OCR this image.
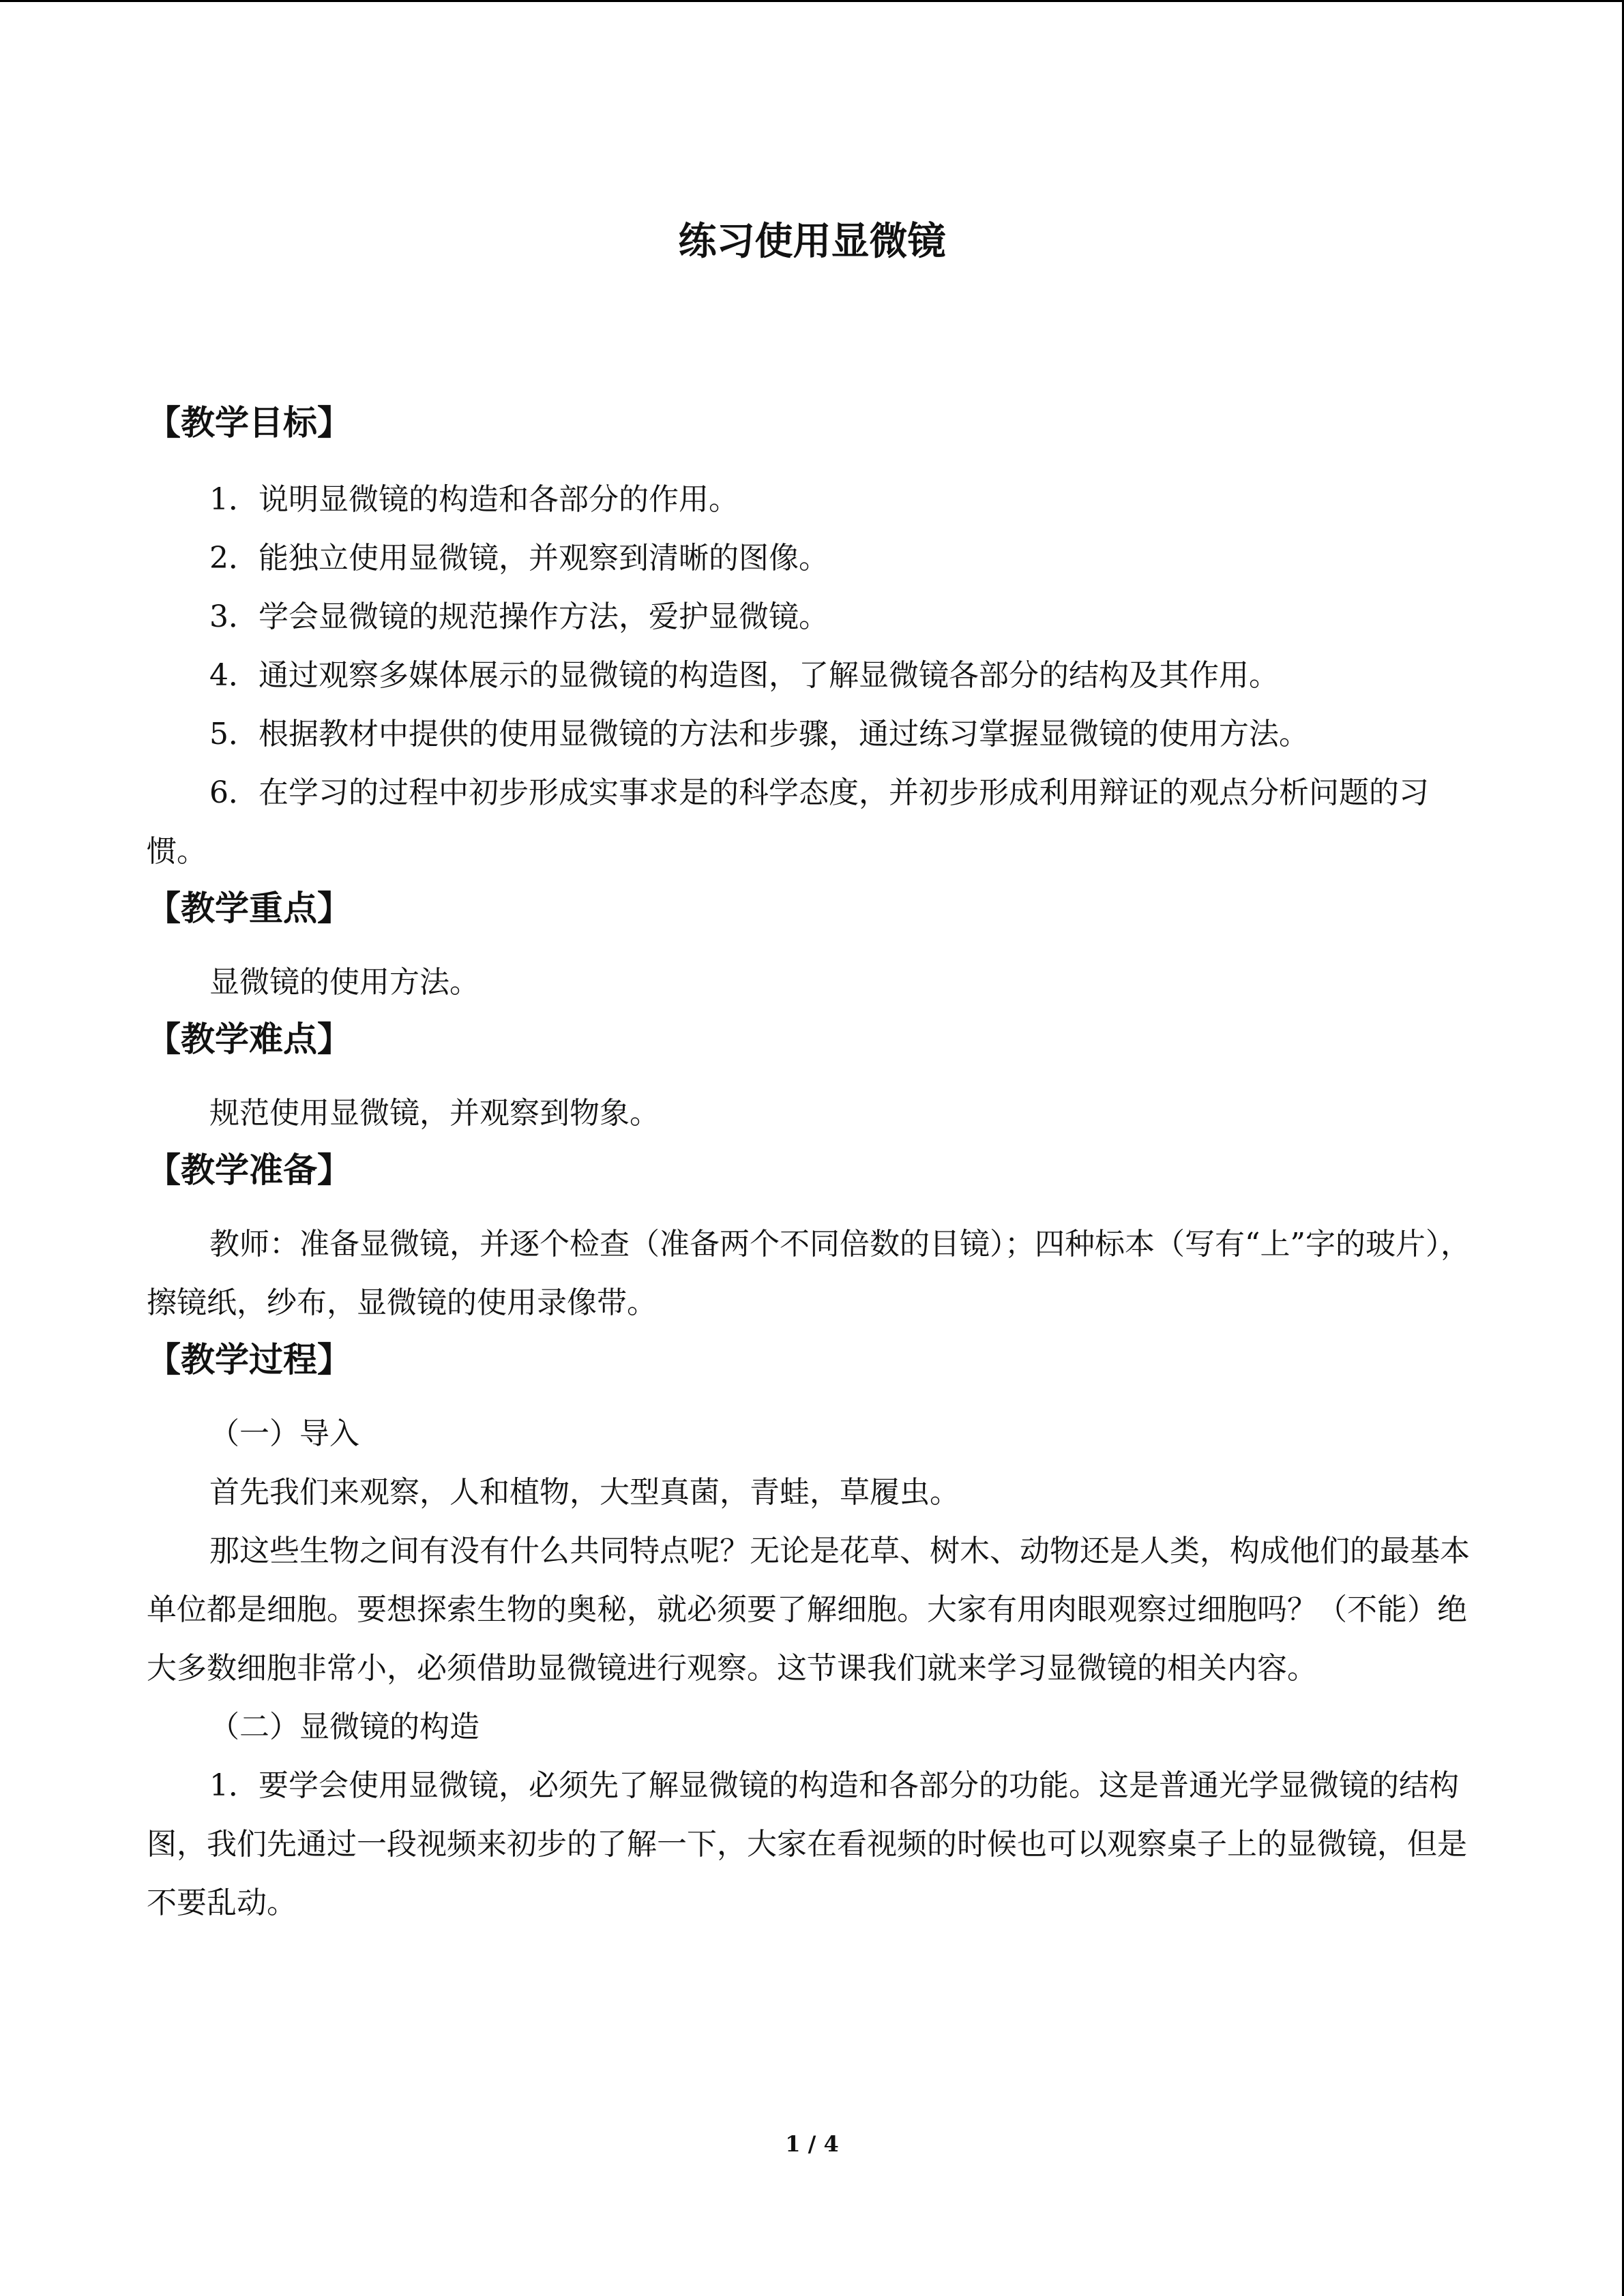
练习使用显微镜
【教学目标】

1．说明显微镜的构造和各部分的作用。

2．能独立使用显微镜，并观察到清晰的图像。

3．学会显微镜的规范操作方法，爱护显微镜。

4．通过观察多媒体展示的显微镜的构造图，了解显微镜各部分的结构及其作用。

5．根据教材中提供的使用显微镜的方法和步骤，通过练习掌握显微镜的使用方法。

6．在学习的过程中初步形成实事求是的科学态度，并初步形成利用辩证的观点分析问题的习惯。

【教学重点】

显微镜的使用方法。

【教学难点】

规范使用显微镜，并观察到物象。

【教学准备】

教师：准备显微镜，并逐个检查（准备两个不同倍数的目镜）；四种标本（写有“上”字的玻片），擦镜纸，纱布，显微镜的使用录像带。

【教学过程】

（一）导入

首先我们来观察，人和植物，大型真菌，青蛙，草履虫。

那这些生物之间有没有什么共同特点呢？无论是花草、树木、动物还是人类，构成他们的最基本单位都是细胞。要想探索生物的奥秘，就必须要了解细胞。大家有用肉眼观察过细胞吗？（不能）绝大多数细胞非常小，必须借助显微镜进行观察。这节课我们就来学习显微镜的相关内容。

（二）显微镜的构造

1．要学会使用显微镜，必须先了解显微镜的构造和各部分的功能。这是普通光学显微镜的结构图，我们先通过一段视频来初步的了解一下，大家在看视频的时候也可以观察桌子上的显微镜，但是不要乱动。

1 / 4
